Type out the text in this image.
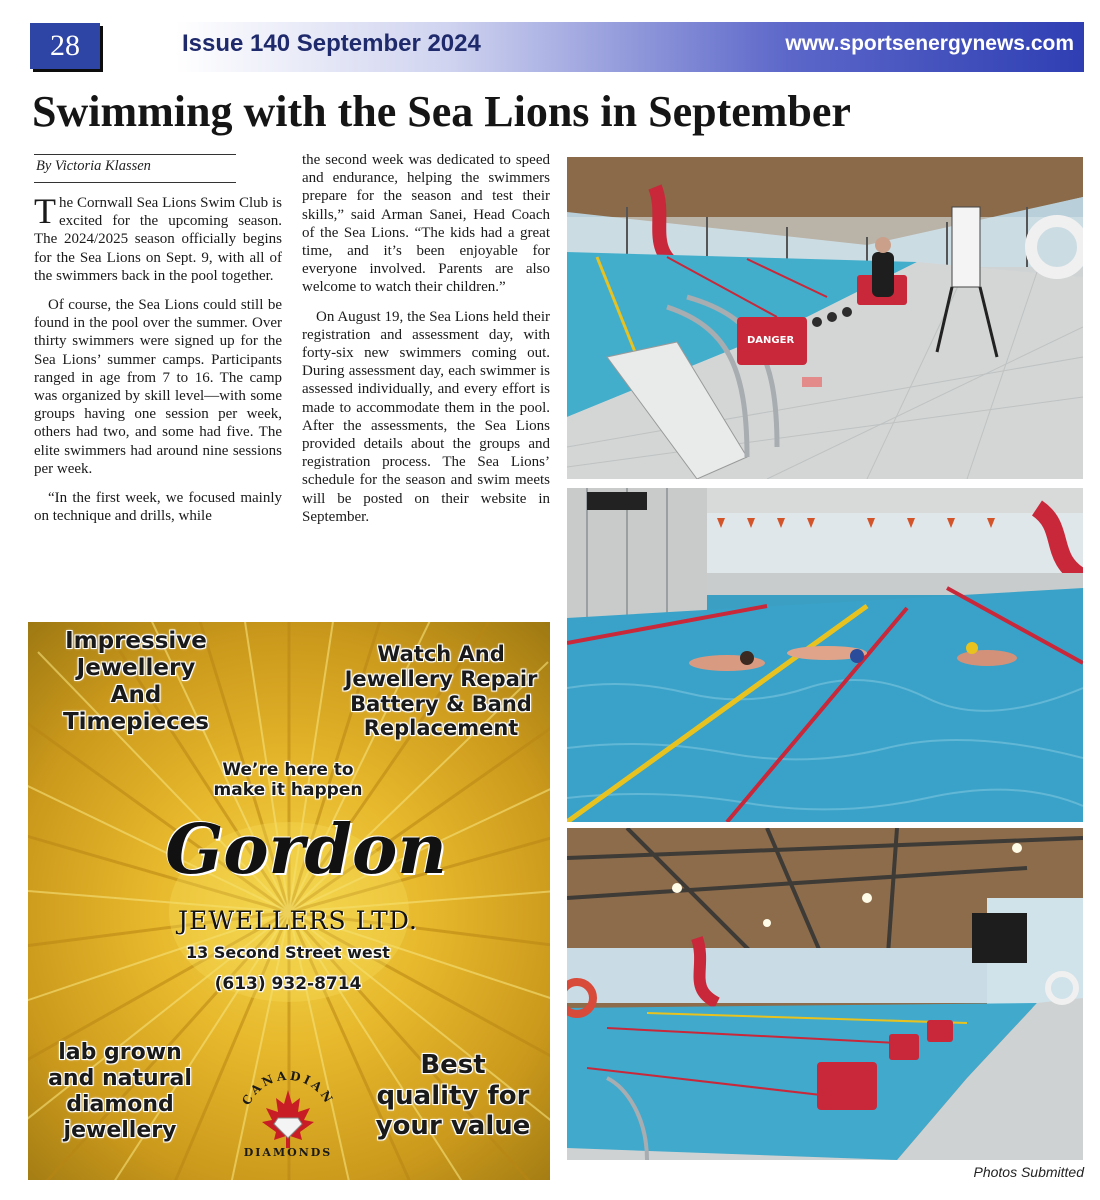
28	Issue 140 September 2024	www.sportsenergynews.com
Swimming with the Sea Lions in September
By Victoria Klassen

The Cornwall Sea Lions Swim Club is excited for the upcoming season. The 2024/2025 season officially begins for the Sea Lions on Sept. 9, with all of the swimmers back in the pool together.

Of course, the Sea Lions could still be found in the pool over the summer. Over thirty swimmers were signed up for the Sea Lions’ summer camps. Participants ranged in age from 7 to 16. The camp was organized by skill level—with some groups having one session per week, others had two, and some had five. The elite swimmers had around nine sessions per week.

“In the first week, we focused mainly on technique and drills, while

the second week was dedicated to speed and endurance, helping the swimmers prepare for the season and test their skills,” said Arman Sanei, Head Coach of the Sea Lions. “The kids had a great time, and it’s been enjoyable for everyone involved. Parents are also welcome to watch their children.”

On August 19, the Sea Lions held their registration and assessment day, with forty-six new swimmers coming out. During assessment day, each swimmer is assessed individually, and every effort is made to accommodate them in the pool. After the assessments, the Sea Lions provided details about the groups and registration process. The Sea Lions’ schedule for the season and swim meets will be posted on their website in September.

Impressive
Jewellery
And
Timepieces
Watch And
Jewellery Repair
Battery & Band
Replacement
We’re here to
make it happen
Gordon
JEWELLERS LTD.
13 Second Street west
(613) 932-8714
lab grown
and natural
diamond
jewellery
CANADIAN
DIAMONDS
Best
quality for
your value
DANGER
Photos Submitted
